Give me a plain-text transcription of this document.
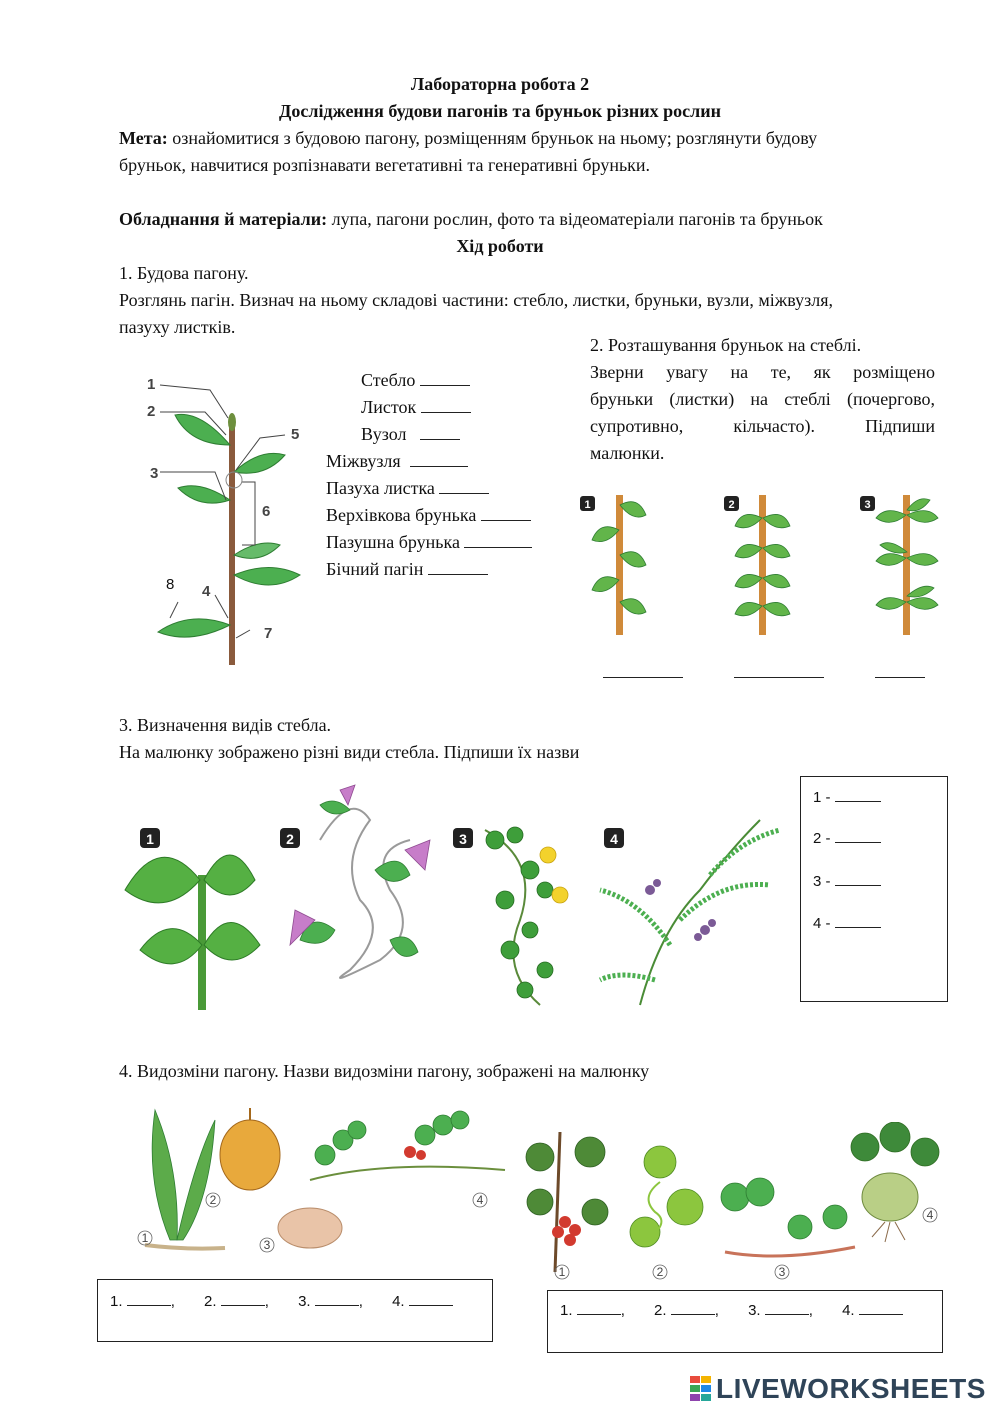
Лабораторна робота 2
Дослідження будови пагонів та бруньок різних рослин
Мета: ознайомитися з будовою пагону, розміщенням бруньок на ньому; розглянути будову
бруньок, навчитися розпізнавати вегетативні та генеративні бруньки.
Обладнання й матеріали: лупа, пагони рослин, фото та відеоматеріали пагонів та бруньок
Хід роботи
1. Будова пагону.
Розглянь пагін. Визнач на ньому складові частини: стебло, листки, бруньки, вузли, міжвузля,
пазуху листків.
1
2
3
4
5
6
7
8
Стебло
Листок
Вузол
Міжвузля
Пазуха листка
Верхівкова брунька
Пазушна брунька
Бічний пагін
2. Розташування бруньок на стеблі.
Зверни увагу на те, як розміщено
бруньки (листки) на стеблі (почергово,
супротивно, кільчасто). Підпиши
малюнки.
1	2	3
3. Визначення видів стебла.
На малюнку зображено різні види стебла. Підпиши їх назви
1	2	3	4
1 -
2 -
3 -
4 -
4. Видозміни пагону. Назви видозміни пагону, зображені на малюнку
1
2
3
4
1	2	3
4
1.	,       2.	,       3.	,       4.
1.	,       2.	,       3.	,       4.
LIVEWORKSHEETS
